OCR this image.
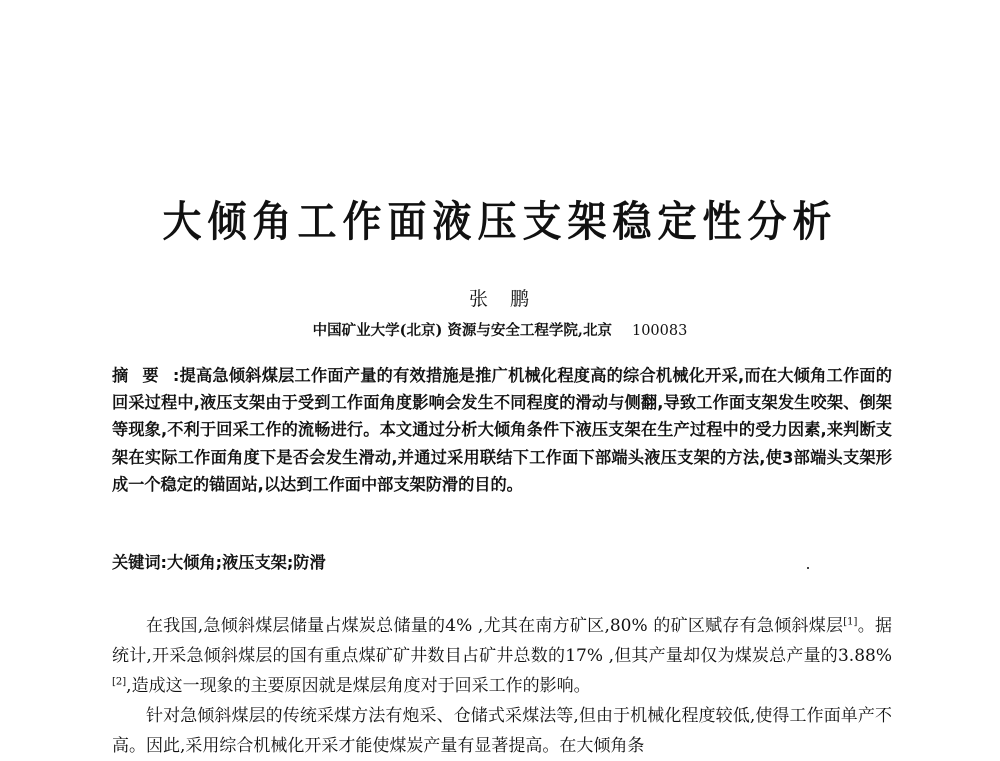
大倾角工作面液压支架稳定性分析
张鹏
中国矿业大学(北京) 资源与安全工程学院,北京 100083
摘要:提高急倾斜煤层工作面产量的有效措施是推广机械化程度高的综合机械化开采,而在大倾角工作面的回采过程中,液压支架由于受到工作面角度影响会发生不同程度的滑动与侧翻,导致工作面支架发生咬架、倒架等现象,不利于回采工作的流畅进行。本文通过分析大倾角条件下液压支架在生产过程中的受力因素,来判断支架在实际工作面角度下是否会发生滑动,并通过采用联结下工作面下部端头液压支架的方法,使3部端头支架形成一个稳定的锚固站,以达到工作面中部支架防滑的目的。
关键词:大倾角;液压支架;防滑

在我国,急倾斜煤层储量占煤炭总储量的4% ,尤其在南方矿区,80% 的矿区赋存有急倾斜煤层[1]。据统计,开采急倾斜煤层的国有重点煤矿矿井数目占矿井总数的17% ,但其产量却仅为煤炭总产量的3.88% [2],造成这一现象的主要原因就是煤层角度对于回采工作的影响。

针对急倾斜煤层的传统采煤方法有炮采、仓储式采煤法等,但由于机械化程度较低,使得工作面单产不高。因此,采用综合机械化开采才能使煤炭产量有显著提高。在大倾角条
